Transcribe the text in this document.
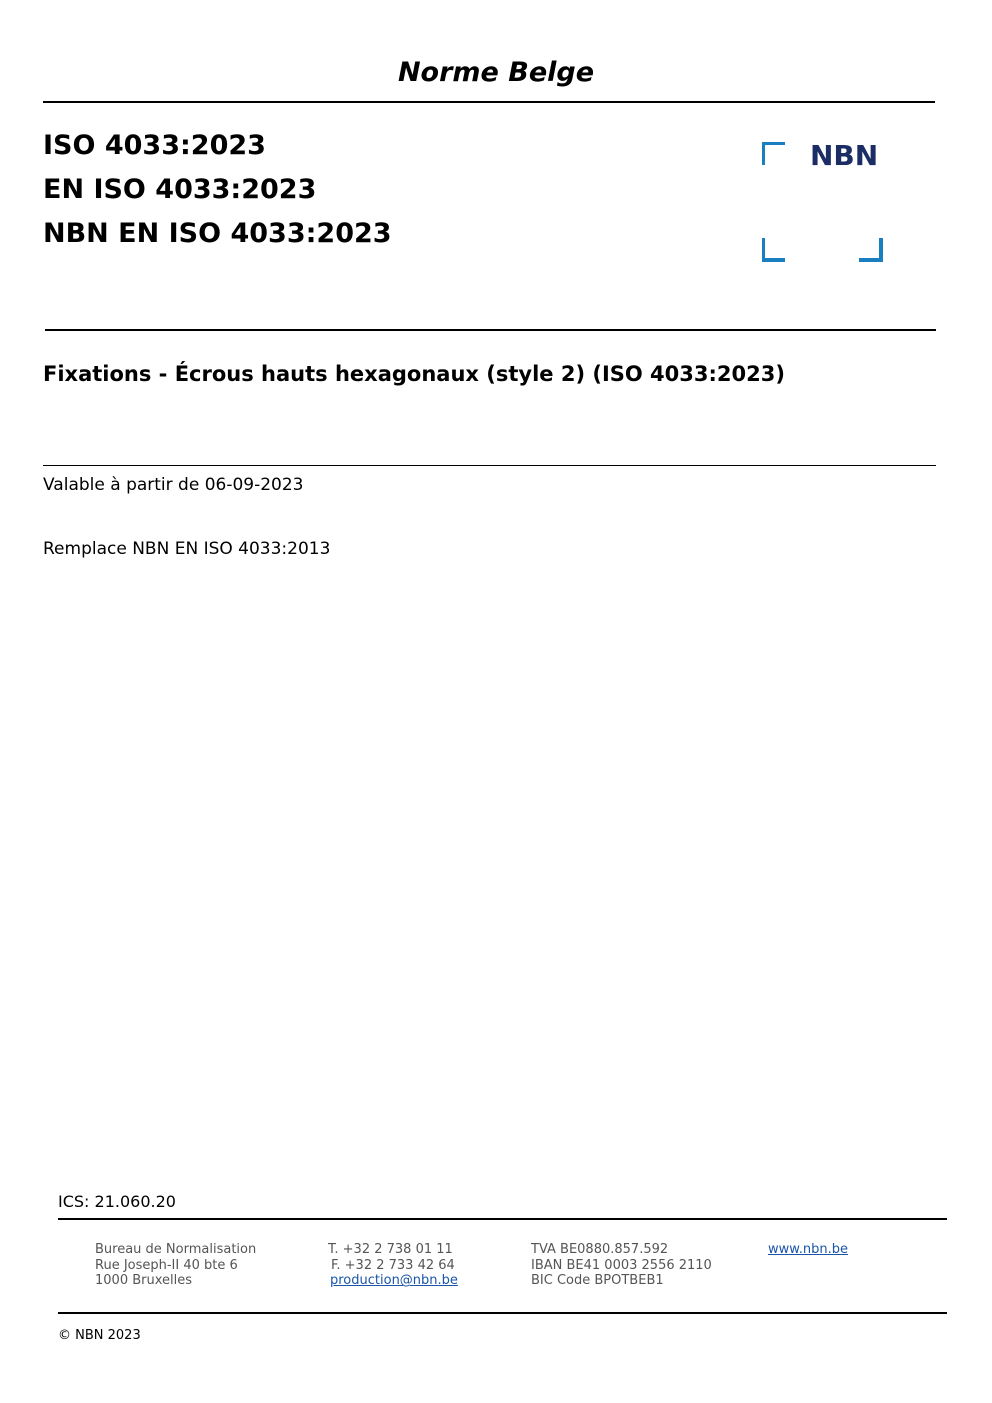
Norme Belge
ISO 4033:2023
EN ISO 4033:2023
NBN EN ISO 4033:2023
NBN
Fixations - Écrous hauts hexagonaux (style 2) (ISO 4033:2023)
Valable à partir de 06-09-2023
Remplace NBN EN ISO 4033:2013
ICS: 21.060.20
Bureau de Normalisation
Rue Joseph-II 40 bte 6
1000 Bruxelles
T. +32 2 738 01 11
F. +32 2 733 42 64
production@nbn.be
TVA BE0880.857.592
IBAN BE41 0003 2556 2110
BIC Code BPOTBEB1
www.nbn.be
© NBN 2023
